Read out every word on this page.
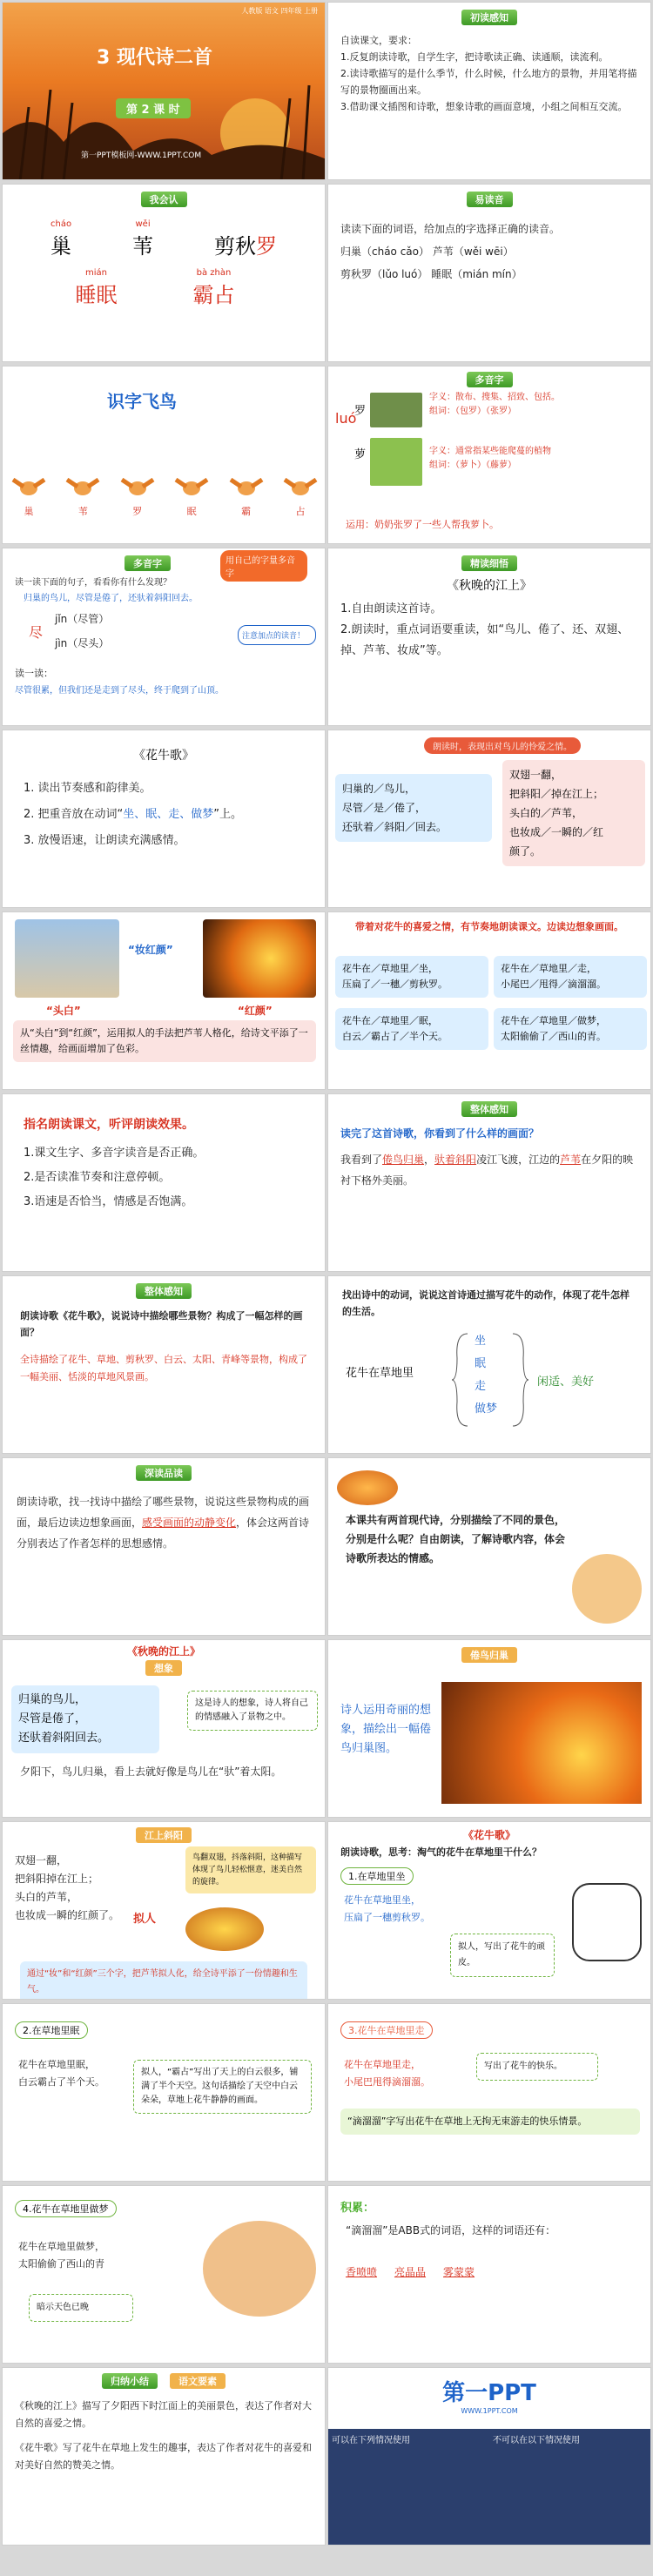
人教版 语文 四年级 上册
3 现代诗二首
第 2 课 时
第一PPT模板网-WWW.1PPT.COM
初读感知
自读课文，要求：
1.反复朗读诗歌，自学生字，把诗歌读正确、读通顺，读流利。
2.读诗歌描写的是什么季节，什么时候，什么地方的景物，并用笔将描写的景物圈画出来。
3.借助课文插图和诗歌，想象诗歌的画面意境，小组之间相互交流。
我会认
cháo
巢
wěi
苇
	剪秋罗
mián
睡眠
bà zhàn
霸占
易读音
读读下面的词语，给加点的字选择正确的读音。
归巢（cháo cǎo） 芦苇（wěi wēi）
剪秋罗（lǔo luó） 睡眠（mián mín）
识字飞鸟
巢	苇	罗	眠	霸	占
多音字
luó
罗
萝
字义：散布、搜集、招致、包括。
组词：（包罗）（张罗）
字义：通常指某些能爬蔓的植物
组词：（萝卜）（藤萝）
运用：奶奶张罗了一些人帮我萝卜。
多音字	用自己的字量多音字
读一读下面的句子，看看你有什么发现？
归巢的鸟儿，尽管是倦了，还驮着斜阳回去。
尽
jǐn（尽管）
jìn（尽头）
注意加点的读音！
读一读：
尽管很累，但我们还是走到了尽头，终于爬到了山顶。
精读细悟
《秋晚的江上》
1.自由朗读这首诗。
2.朗读时，重点词语要重读，如“鸟儿、倦了、还、双翅、掉、芦苇、妆成”等。
《花牛歌》
1. 读出节奏感和韵律美。
2. 把重音放在动词“坐、眠、走、做梦”上。
3. 放慢语速，让朗读充满感情。
朗读时，表现出对鸟儿的怜爱之情。
归巢的／鸟儿，
尽管／是／倦了，
还驮着／斜阳／回去。
双翅一翻，
把斜阳／掉在江上；
头白的／芦苇，
也妆成／一瞬的／红
颜了。
“妆红颜”
“头白”	“红颜”
从“头白”到“红颜”，运用拟人的手法把芦苇人格化，给诗文平添了一丝情趣，给画面增加了色彩。
带着对花牛的喜爱之情，有节奏地朗读课文。边读边想象画面。
花牛在／草地里／坐，
压扁了／一穗／剪秋罗。
花牛在／草地里／眠，
白云／霸占了／半个天。
花牛在／草地里／走，
小尾巴／甩得／滴溜溜。
花牛在／草地里／做梦，
太阳偷偷了／西山的青。
指名朗读课文，听评朗读效果。
1.课文生字、多音字读音是否正确。
2.是否读准节奏和注意停顿。
3.语速是否恰当，情感是否饱满。
整体感知
读完了这首诗歌，你看到了什么样的画面？
我看到了倦鸟归巢，驮着斜阳凌江飞渡，江边的芦苇在夕阳的映衬下格外美丽。
整体感知
朗读诗歌《花牛歌》，说说诗中描绘哪些景物？构成了一幅怎样的画面？
全诗描绘了花牛、草地、剪秋罗、白云、太阳、青峰等景物，构成了一幅美丽、恬淡的草地风景画。
找出诗中的动词，说说这首诗通过描写花牛的动作，体现了花牛怎样的生活。
花牛在草地里
坐
眠
走
做梦
闲适、美好
深读品读
朗读诗歌，找一找诗中描绘了哪些景物，说说这些景物构成的画面，最后边读边想象画面，感受画面的动静变化，体会这两首诗分别表达了作者怎样的思想感情。
本课共有两首现代诗，分别描绘了不同的景色，分别是什么呢？自由朗读，了解诗歌内容，体会诗歌所表达的情感。
《秋晚的江上》
想象
归巢的鸟儿，
尽管是倦了，
还驮着斜阳回去。
这是诗人的想象，诗人将自己的情感融入了景物之中。
夕阳下，鸟儿归巢，看上去就好像是鸟儿在“驮”着太阳。
倦鸟归巢
诗人运用奇丽的想象，描绘出一幅倦鸟归巢图。
江上斜阳
双翅一翻，
把斜阳掉在江上；
头白的芦苇，
也妆成一瞬的红颜了。
鸟翻双翅，抖落斜阳，这种描写体现了鸟儿轻松惬意，迷美自然的旋律。
拟人
通过“妆”和“红颜”三个字，把芦苇拟人化，给全诗平添了一份情趣和生气。
《花牛歌》
朗读诗歌，思考：淘气的花牛在草地里干什么？
1.在草地里坐
花牛在草地里坐，
压扁了一穗剪秋罗。
拟人，写出了花牛的顽皮。
2.在草地里眠
花牛在草地里眠，
白云霸占了半个天。
拟人，“霸占”写出了天上的白云很多，铺满了半个天空。这句话描绘了天空中白云朵朵，草地上花牛静静的画面。
3.花牛在草地里走
花牛在草地里走，
小尾巴甩得滴溜溜。
写出了花牛的快乐。
“滴溜溜”字写出花牛在草地上无拘无束游走的快乐情景。
4.花牛在草地里做梦
花牛在草地里做梦，
太阳偷偷了西山的青
暗示天色已晚
积累：
“滴溜溜”是ABB式的词语，这样的词语还有：
香喷喷 亮晶晶 雾蒙蒙
归纳小结	语文要素
《秋晚的江上》描写了夕阳西下时江面上的美丽景色，表达了作者对大自然的喜爱之情。
《花牛歌》写了花牛在草地上发生的趣事，表达了作者对花牛的喜爱和对美好自然的赞美之情。
第一PPT
WWW.1PPT.COM
可以在下列情况使用	不可以在以下情况使用
